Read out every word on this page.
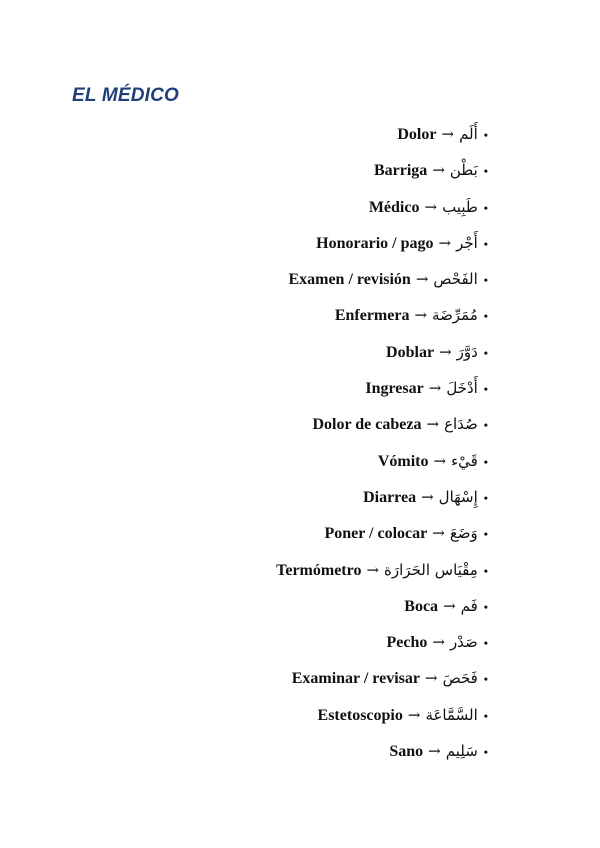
EL MÉDICO
•أَلَم→Dolor
•بَطْن→Barriga
•طَبِيب→Médico
•أَجْر→Honorario / pago
•الفَحْص→Examen / revisión
•مُمَرِّضَة→Enfermera
•دَوَّرَ→Doblar
•أَدْخَلَ→Ingresar
•صُدَاع→Dolor de cabeza
•قَيْء→Vómito
•إِسْهَال→Diarrea
•وَضَعَ→Poner / colocar
•مِقْيَاس الحَرَارَة→Termómetro
•فَم→Boca
•صَدْر→Pecho
•فَحَصَ→Examinar / revisar
•السَّمَّاعَة→Estetoscopio
•سَلِيم→Sano
